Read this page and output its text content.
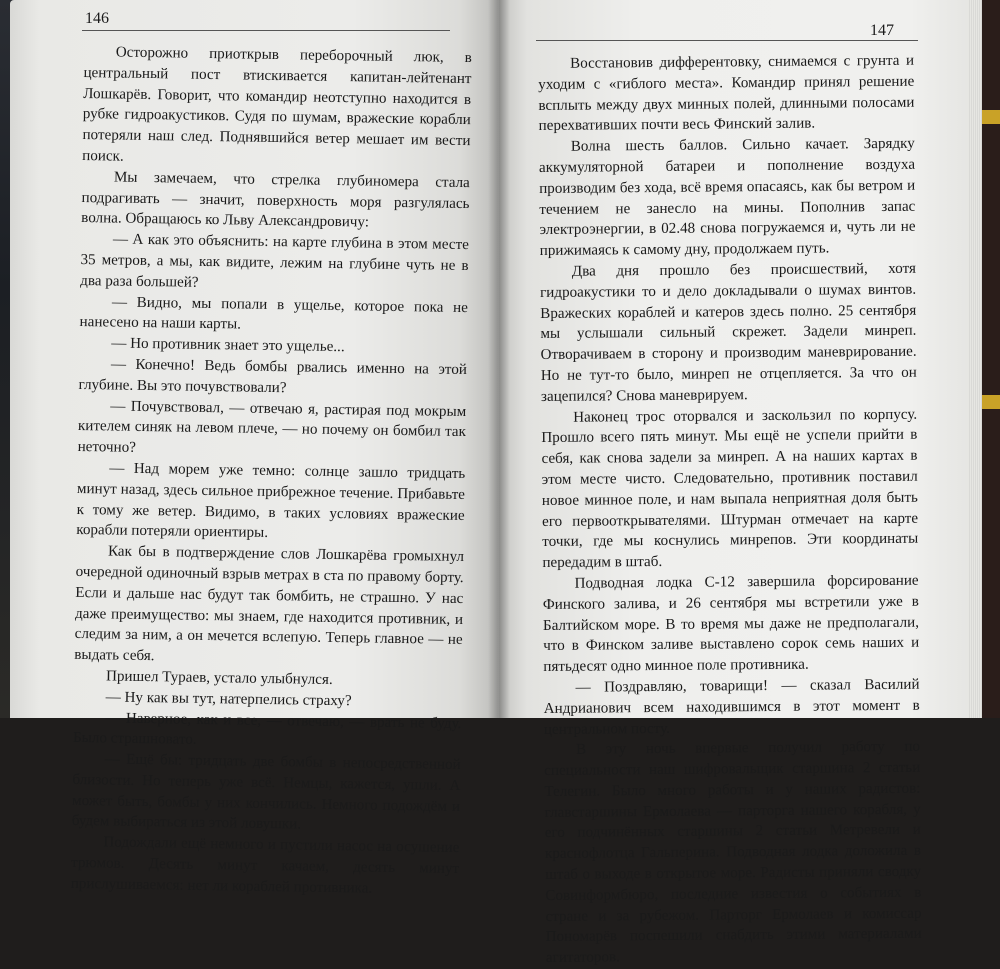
146

Осторожно приоткрыв переборочный люк, в центральный пост втискивается капитан-лейтенант Лошкарёв. Говорит, что командир неотступно находится в рубке гидроакустиков. Судя по шумам, вражеские корабли потеряли наш след. Поднявшийся ветер мешает им вести поиск.

Мы замечаем, что стрелка глубиномера стала подрагивать — значит, поверхность моря разгулялась волна. Обращаюсь ко Льву Александровичу:

— А как это объяснить: на карте глубина в этом месте 35 метров, а мы, как видите, лежим на глубине чуть не в два раза большей?

— Видно, мы попали в ущелье, которое пока не нанесено на наши карты.

— Но противник знает это ущелье...

— Конечно! Ведь бомбы рвались именно на этой глубине. Вы это почувствовали?

— Почувствовал, — отвечаю я, растирая под мокрым кителем синяк на левом плече, — но почему он бомбил так неточно?

— Над морем уже темно: солнце зашло тридцать минут назад, здесь сильное прибрежное течение. Прибавьте к тому же ветер. Видимо, в таких условиях вражеские корабли потеряли ориентиры.

Как бы в подтверждение слов Лошкарёва громыхнул очередной одиночный взрыв метрах в ста по правому борту. Если и дальше нас будут так бомбить, не страшно. У нас даже преимущество: мы знаем, где находится противник, и следим за ним, а он мечется вслепую. Теперь главное — не выдать себя.

Пришел Тураев, устало улыбнулся.

— Ну как вы тут, натерпелись страху?

— Наверное, как и все, — отвечаю, — врать не буду. Было страшновато.

— Ещё бы: тридцать две бомбы в непосредственной близости. Но теперь уже всё. Немцы, кажется, ушли. А может быть, бомбы у них кончились. Немного подождём и будем выбираться из этой ловушки.

Подождали ещё немного и пустили насос на осушение трюмов. Десять минут качаем, десять минут прислушиваемся: нет ли кораблей противника.

147

Восстановив дифферентовку, снимаемся с грунта и уходим с «гиблого места». Командир принял решение всплыть между двух минных полей, длинными полосами перехвативших почти весь Финский залив.

Волна шесть баллов. Сильно качает. Зарядку аккумуляторной батареи и пополнение воздуха производим без хода, всё время опасаясь, как бы ветром и течением не занесло на мины. Пополнив запас электроэнергии, в 02.48 снова погружаемся и, чуть ли не прижимаясь к самому дну, продолжаем путь.

Два дня прошло без происшествий, хотя гидроакустики то и дело докладывали о шумах винтов. Вражеских кораблей и катеров здесь полно. 25 сентября мы услышали сильный скрежет. Задели минреп. Отворачиваем в сторону и производим маневрирование. Но не тут-то было, минреп не отцепляется. За что он зацепился? Снова маневрируем.

Наконец трос оторвался и заскользил по корпусу. Прошло всего пять минут. Мы ещё не успели прийти в себя, как снова задели за минреп. А на наших картах в этом месте чисто. Следовательно, противник поставил новое минное поле, и нам выпала неприятная доля быть его первооткрывателями. Штурман отмечает на карте точки, где мы коснулись минрепов. Эти координаты передадим в штаб.

Подводная лодка С-12 завершила форсирование Финского залива, и 26 сентября мы встретили уже в Балтийском море. В то время мы даже не предполагали, что в Финском заливе выставлено сорок семь наших и пятьдесят одно минное поле противника.

— Поздравляю, товарищи! — сказал Василий Андрианович всем находившимся в этот момент в центральном посту.

В эту ночь впервые получил работу по специальности наш шифровальщик старшина 2 статьи Телегин. Было много работы и у наших радистов: главстаршины Ермолаева — парторга нашего корабля, у его подчинённых старшины 2 статьи Метревели и краснофлотца Гальперина. Подводная лодка доложила в штаб о выходе в открытое море. Радисты приняли сводку Совинформбюро, последние известия о событиях в стране и за рубежом. Парторг Ермолаев и комиссар Пономарёв поспешили снабдить этими материалами агитаторов.
